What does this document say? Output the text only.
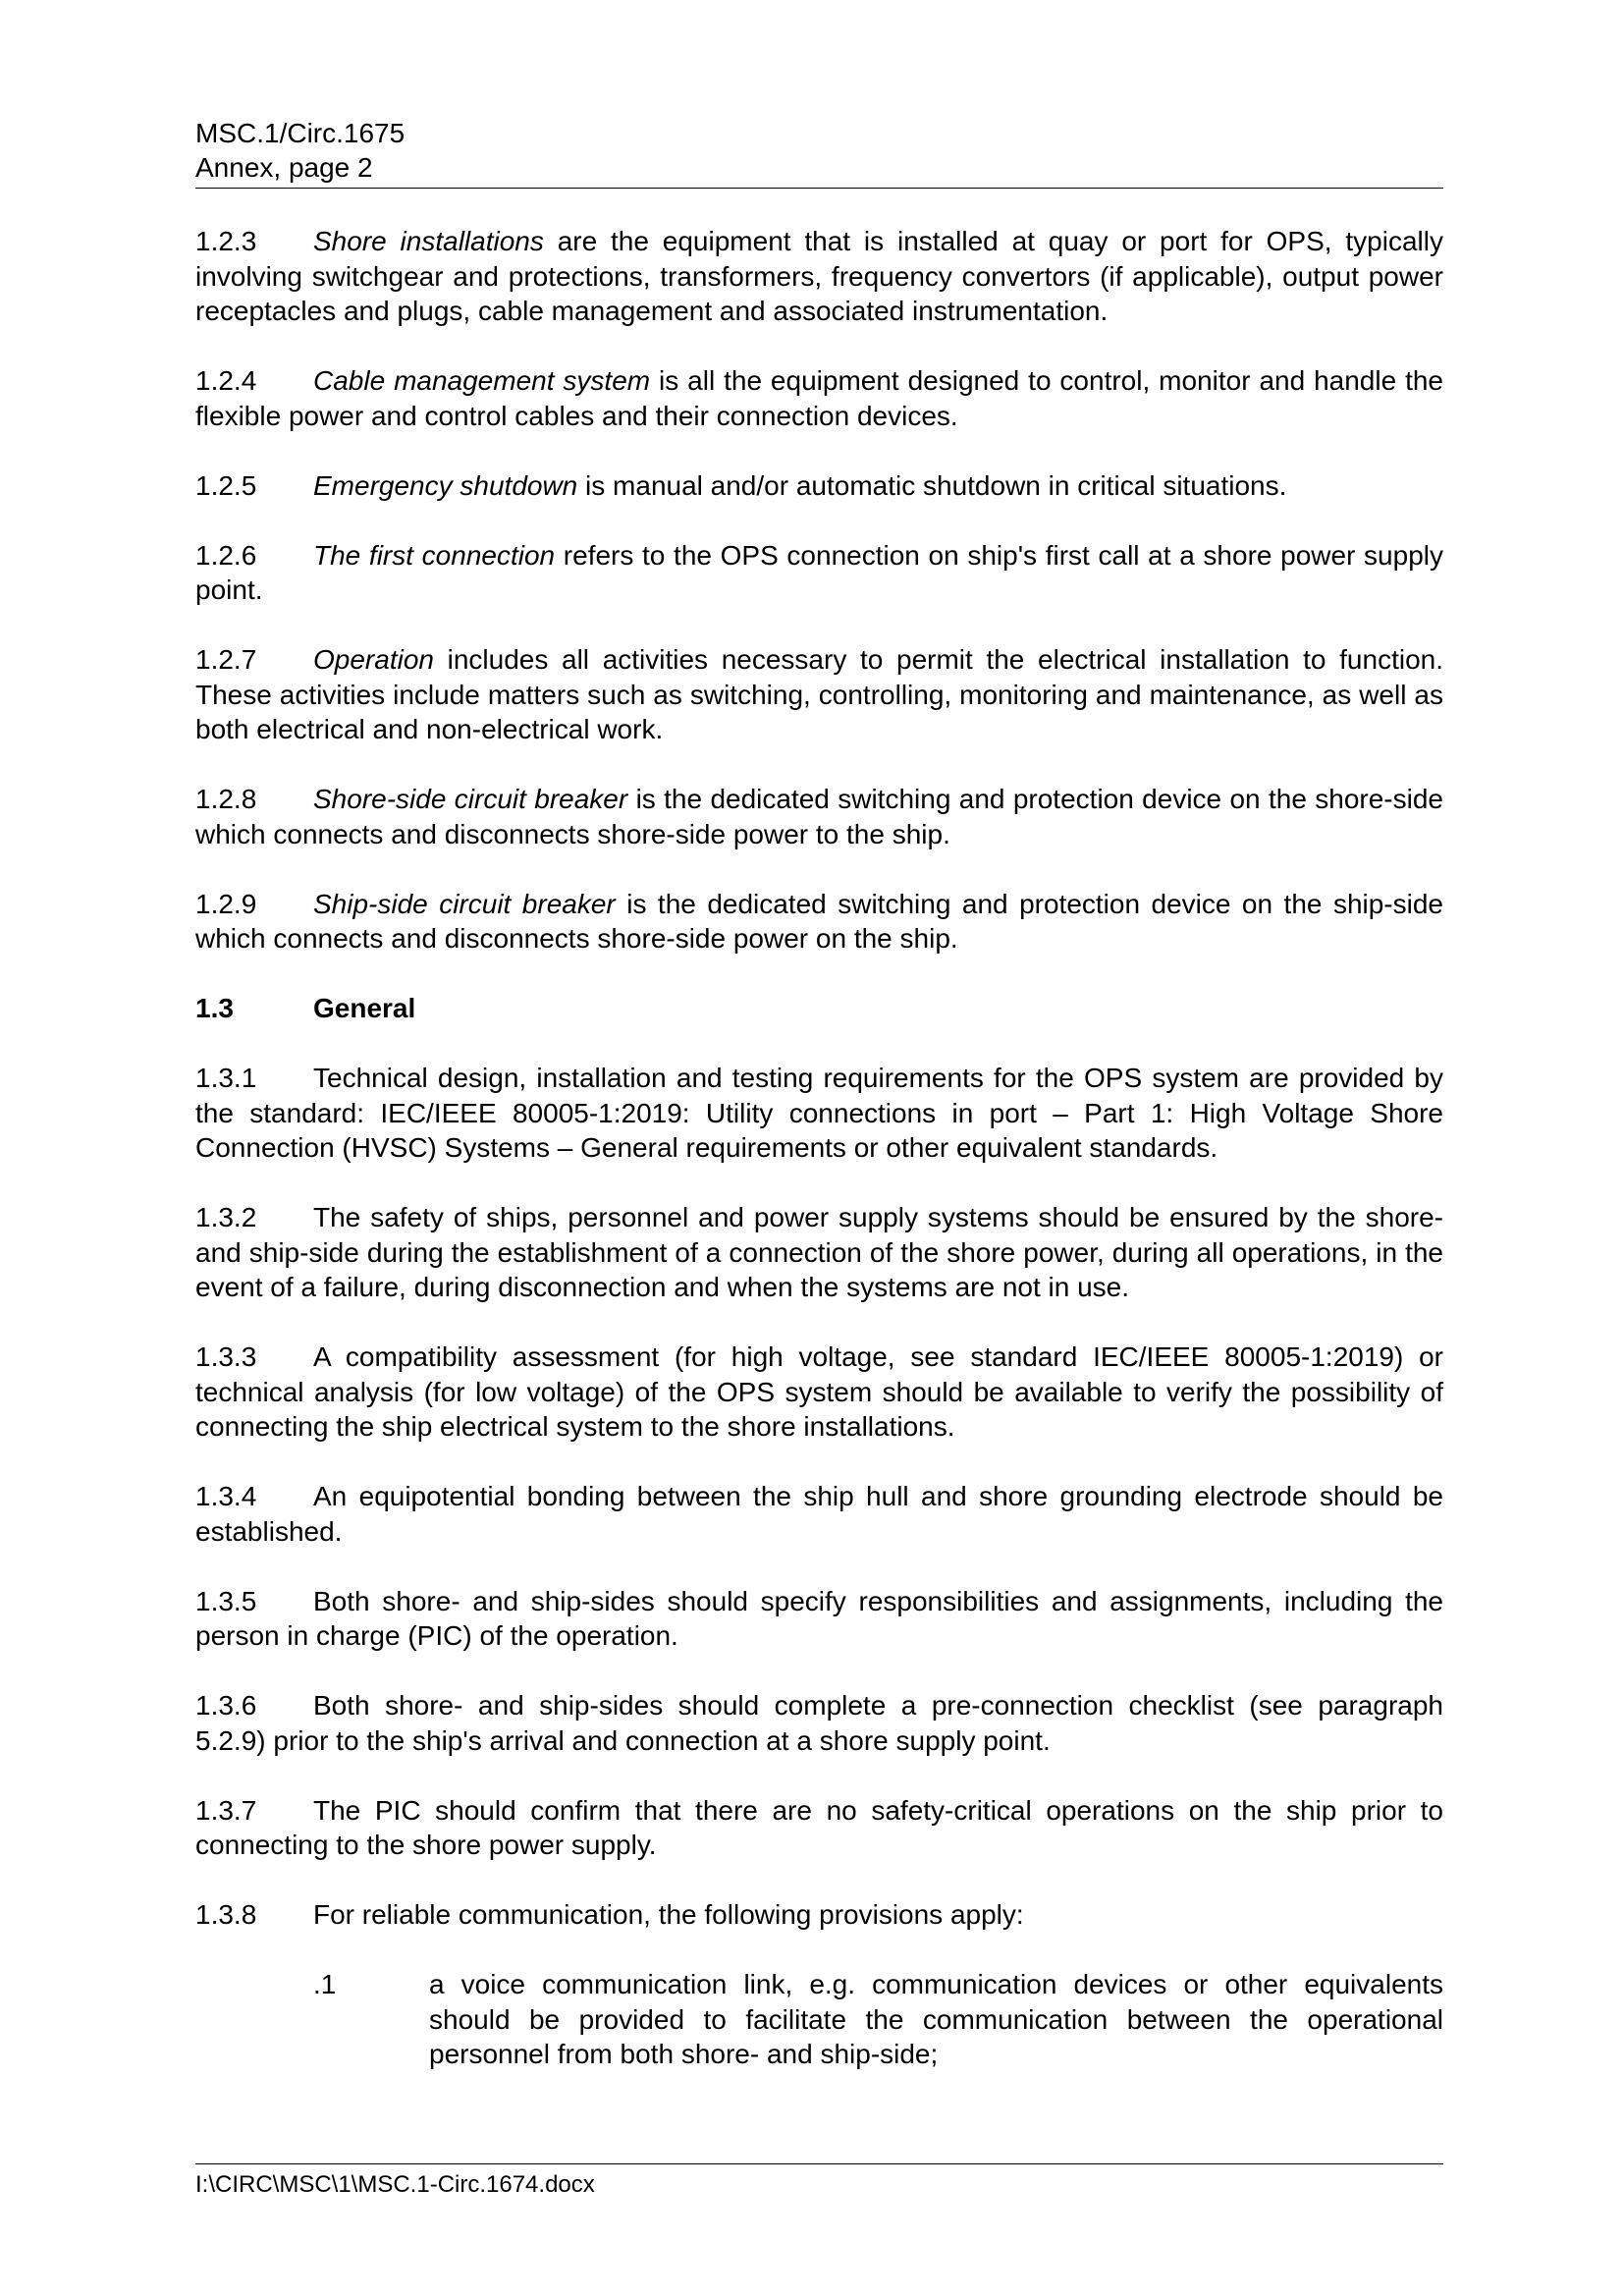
MSC.1/Circ.1675
Annex, page 2

1.2.3 Shore installations are the equipment that is installed at quay or port for OPS, typically involving switchgear and protections, transformers, frequency convertors (if applicable), output power receptacles and plugs, cable management and associated instrumentation.

1.2.4 Cable management system is all the equipment designed to control, monitor and handle the flexible power and control cables and their connection devices.

1.2.5 Emergency shutdown is manual and/or automatic shutdown in critical situations.

1.2.6 The first connection refers to the OPS connection on ship's first call at a shore power supply point.

1.2.7 Operation includes all activities necessary to permit the electrical installation to function. These activities include matters such as switching, controlling, monitoring and maintenance, as well as both electrical and non-electrical work.

1.2.8 Shore-side circuit breaker is the dedicated switching and protection device on the shore-side which connects and disconnects shore-side power to the ship.

1.2.9 Ship-side circuit breaker is the dedicated switching and protection device on the ship-side which connects and disconnects shore-side power on the ship.

1.3	General

1.3.1 Technical design, installation and testing requirements for the OPS system are provided by the standard: IEC/IEEE 80005-1:2019: Utility connections in port – Part 1: High Voltage Shore Connection (HVSC) Systems – General requirements or other equivalent standards.

1.3.2 The safety of ships, personnel and power supply systems should be ensured by the shore- and ship-side during the establishment of a connection of the shore power, during all operations, in the event of a failure, during disconnection and when the systems are not in use.

1.3.3 A compatibility assessment (for high voltage, see standard IEC/IEEE 80005-1:2019) or technical analysis (for low voltage) of the OPS system should be available to verify the possibility of connecting the ship electrical system to the shore installations.

1.3.4 An equipotential bonding between the ship hull and shore grounding electrode should be established.

1.3.5 Both shore- and ship-sides should specify responsibilities and assignments, including the person in charge (PIC) of the operation.

1.3.6 Both shore- and ship-sides should complete a pre-connection checklist (see paragraph 5.2.9) prior to the ship's arrival and connection at a shore supply point.

1.3.7 The PIC should confirm that there are no safety-critical operations on the ship prior to connecting to the shore power supply.

1.3.8 For reliable communication, the following provisions apply:

.1	a voice communication link, e.g. communication devices or other equivalents should be provided to facilitate the communication between the operational personnel from both shore- and ship-side;
I:\CIRC\MSC\1\MSC.1-Circ.1674.docx
